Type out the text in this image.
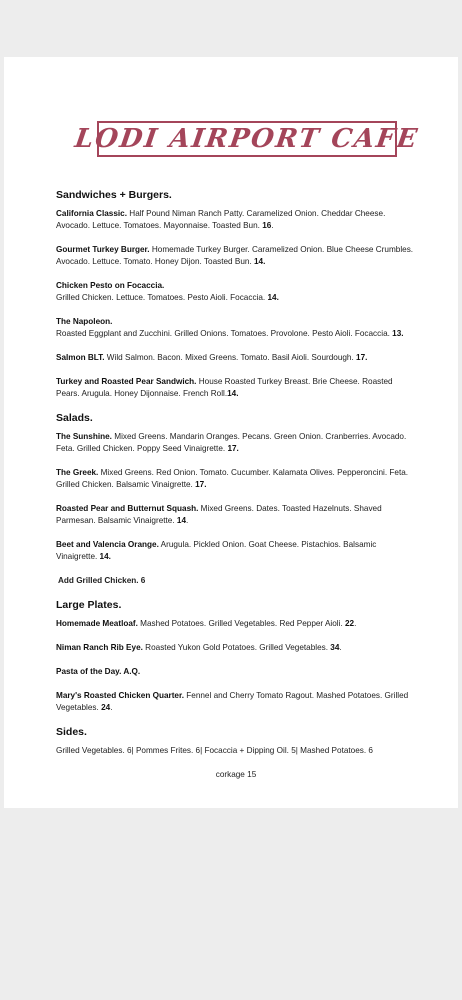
LODI AIRPORT CAFE
Sandwiches + Burgers.
California Classic. Half Pound Niman Ranch Patty. Caramelized Onion. Cheddar Cheese. Avocado. Lettuce. Tomatoes. Mayonnaise. Toasted Bun. 16.
Gourmet Turkey Burger. Homemade Turkey Burger. Caramelized Onion. Blue Cheese Crumbles. Avocado. Lettuce. Tomato. Honey Dijon. Toasted Bun. 14.
Chicken Pesto on Focaccia.
Grilled Chicken. Lettuce. Tomatoes. Pesto Aioli. Focaccia. 14.
The Napoleon.
Roasted Eggplant and Zucchini. Grilled Onions. Tomatoes. Provolone. Pesto Aioli. Focaccia. 13.
Salmon BLT. Wild Salmon. Bacon. Mixed Greens. Tomato. Basil Aioli. Sourdough. 17.
Turkey and Roasted Pear Sandwich. House Roasted Turkey Breast. Brie Cheese. Roasted Pears. Arugula. Honey Dijonnaise. French Roll.14.
Salads.
The Sunshine. Mixed Greens. Mandarin Oranges. Pecans. Green Onion. Cranberries. Avocado. Feta. Grilled Chicken. Poppy Seed Vinaigrette. 17.
The Greek. Mixed Greens. Red Onion. Tomato. Cucumber. Kalamata Olives. Pepperoncini. Feta. Grilled Chicken. Balsamic Vinaigrette. 17.
Roasted Pear and Butternut Squash. Mixed Greens. Dates. Toasted Hazelnuts. Shaved Parmesan. Balsamic Vinaigrette. 14.
Beet and Valencia Orange. Arugula. Pickled Onion. Goat Cheese. Pistachios. Balsamic Vinaigrette. 14.
Add Grilled Chicken. 6
Large Plates.
Homemade Meatloaf. Mashed Potatoes. Grilled Vegetables. Red Pepper Aioli. 22.
Niman Ranch Rib Eye. Roasted Yukon Gold Potatoes. Grilled Vegetables. 34.
Pasta of the Day. A.Q.
Mary's Roasted Chicken Quarter. Fennel and Cherry Tomato Ragout. Mashed Potatoes. Grilled Vegetables. 24.
Sides.
Grilled Vegetables. 6| Pommes Frites. 6| Focaccia + Dipping Oil. 5| Mashed Potatoes. 6
corkage 15
